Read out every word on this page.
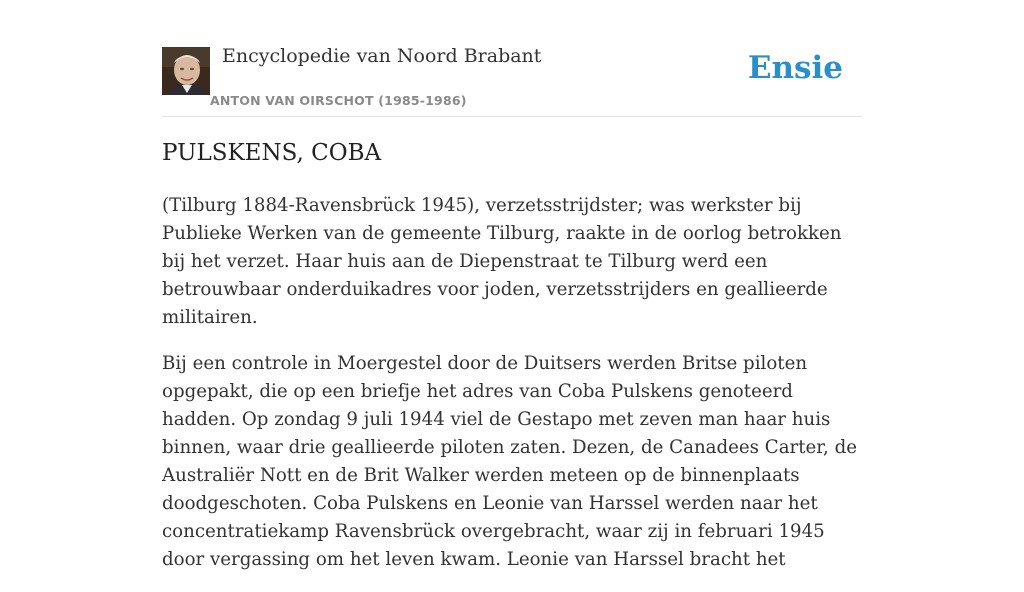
Encyclopedie van Noord Brabant
ANTON VAN OIRSCHOT (1985-1986)
Ensie
PULSKENS, COBA

(Tilburg 1884-Ravensbrück 1945), verzetsstrijdster; was werkster bij Publieke Werken van de gemeente Tilburg, raakte in de oorlog betrokken bij het verzet. Haar huis aan de Diepenstraat te Tilburg werd een betrouwbaar onderduikadres voor joden, verzetsstrijders en geallieerde militairen.

Bij een controle in Moergestel door de Duitsers werden Britse piloten opgepakt, die op een briefje het adres van Coba Pulskens genoteerd hadden. Op zondag 9 juli 1944 viel de Gestapo met zeven man haar huis binnen, waar drie geallieerde piloten zaten. Dezen, de Canadees Carter, de Australiër Nott en de Brit Walker werden meteen op de binnenplaats doodgeschoten. Coba Pulskens en Leonie van Harssel werden naar het concentratiekamp Ravensbrück overgebracht, waar zij in februari 1945 door vergassing om het leven kwam. Leonie van Harssel bracht het
